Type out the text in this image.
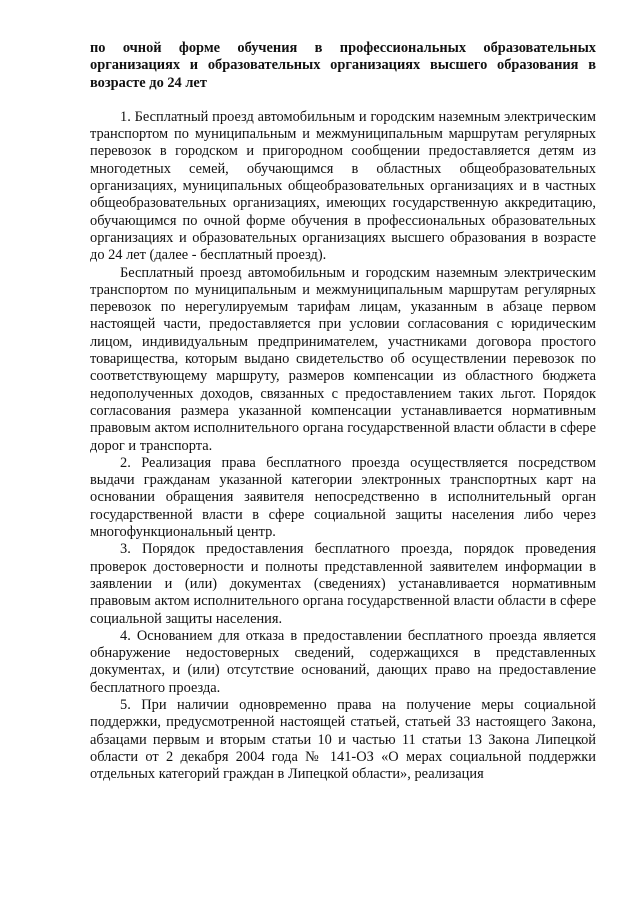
по очной форме обучения в профессиональных образовательных организациях и образовательных организациях высшего образования в возрасте до 24 лет

1. Бесплатный проезд автомобильным и городским наземным электрическим транспортом по муниципальным и межмуниципальным маршрутам регулярных перевозок в городском и пригородном сообщении предоставляется детям из многодетных семей, обучающимся в областных общеобразовательных организациях, муниципальных общеобразовательных организациях и в частных общеобразовательных организациях, имеющих государственную аккредитацию, обучающимся по очной форме обучения в профессиональных образовательных организациях и образовательных организациях высшего образования в возрасте до 24 лет (далее - бесплатный проезд).

Бесплатный проезд автомобильным и городским наземным электрическим транспортом по муниципальным и межмуниципальным маршрутам регулярных перевозок по нерегулируемым тарифам лицам, указанным в абзаце первом настоящей части, предоставляется при условии согласования с юридическим лицом, индивидуальным предпринимателем, участниками договора простого товарищества, которым выдано свидетельство об осуществлении перевозок по соответствующему маршруту, размеров компенсации из областного бюджета недополученных доходов, связанных с предоставлением таких льгот. Порядок согласования размера указанной компенсации устанавливается нормативным правовым актом исполнительного органа государственной власти области в сфере дорог и транспорта.

2. Реализация права бесплатного проезда осуществляется посредством выдачи гражданам указанной категории электронных транспортных карт на основании обращения заявителя непосредственно в исполнительный орган государственной власти в сфере социальной защиты населения либо через многофункциональный центр.

3. Порядок предоставления бесплатного проезда, порядок проведения проверок достоверности и полноты представленной заявителем информации в заявлении и (или) документах (сведениях) устанавливается нормативным правовым актом исполнительного органа государственной власти области в сфере социальной защиты населения.

4. Основанием для отказа в предоставлении бесплатного проезда является обнаружение недостоверных сведений, содержащихся в представленных документах, и (или) отсутствие оснований, дающих право на предоставление бесплатного проезда.

5. При наличии одновременно права на получение меры социальной поддержки, предусмотренной настоящей статьей, статьей 33 настоящего Закона, абзацами первым и вторым статьи 10 и частью 11 статьи 13 Закона Липецкой области от 2 декабря 2004 года № 141-ОЗ «О мерах социальной поддержки отдельных категорий граждан в Липецкой области», реализация
